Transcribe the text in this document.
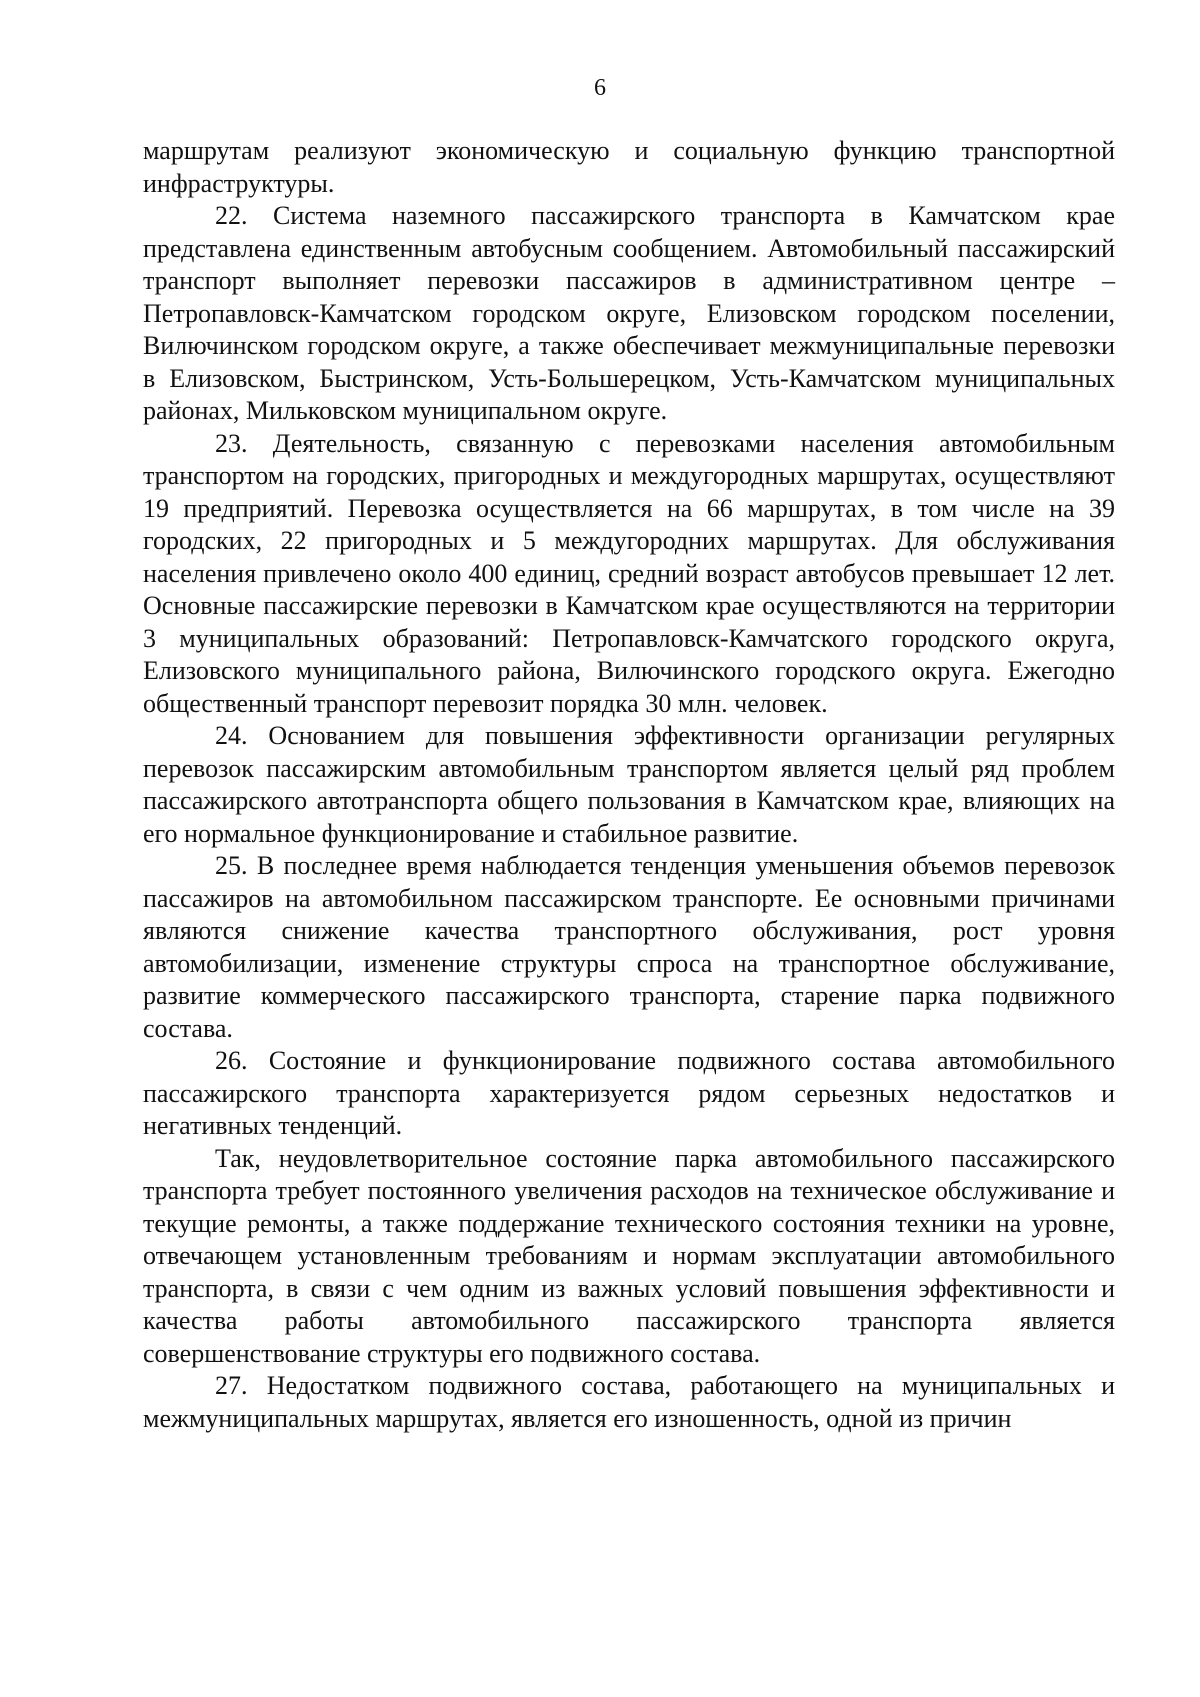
6

маршрутам реализуют экономическую и социальную функцию транспортной инфраструктуры.

22. Система наземного пассажирского транспорта в Камчатском крае представлена единственным автобусным сообщением. Автомобильный пассажирский транспорт выполняет перевозки пассажиров в административном центре – Петропавловск-Камчатском городском округе, Елизовском городском поселении, Вилючинском городском округе, а также обеспечивает межмуниципальные перевозки в Елизовском, Быстринском, Усть-Большерецком, Усть-Камчатском муниципальных районах, Мильковском муниципальном округе.

23. Деятельность, связанную с перевозками населения автомобильным транспортом на городских, пригородных и междугородных маршрутах, осуществляют 19 предприятий. Перевозка осуществляется на 66 маршрутах, в том числе на 39 городских, 22 пригородных и 5 междугородних маршрутах. Для обслуживания населения привлечено около 400 единиц, средний возраст автобусов превышает 12 лет. Основные пассажирские перевозки в Камчатском крае осуществляются на территории 3 муниципальных образований: Петропавловск-Камчатского городского округа, Елизовского муниципального района, Вилючинского городского округа. Ежегодно общественный транспорт перевозит порядка 30 млн. человек.

24. Основанием для повышения эффективности организации регулярных перевозок пассажирским автомобильным транспортом является целый ряд проблем пассажирского автотранспорта общего пользования в Камчатском крае, влияющих на его нормальное функционирование и стабильное развитие.

25. В последнее время наблюдается тенденция уменьшения объемов перевозок пассажиров на автомобильном пассажирском транспорте. Ее основными причинами являются снижение качества транспортного обслуживания, рост уровня автомобилизации, изменение структуры спроса на транспортное обслуживание, развитие коммерческого пассажирского транспорта, старение парка подвижного состава.

26. Состояние и функционирование подвижного состава автомобильного пассажирского транспорта характеризуется рядом серьезных недостатков и негативных тенденций.

Так, неудовлетворительное состояние парка автомобильного пассажирского транспорта требует постоянного увеличения расходов на техническое обслуживание и текущие ремонты, а также поддержание технического состояния техники на уровне, отвечающем установленным требованиям и нормам эксплуатации автомобильного транспорта, в связи с чем одним из важных условий повышения эффективности и качества работы автомобильного пассажирского транспорта является совершенствование структуры его подвижного состава.

27. Недостатком подвижного состава, работающего на муниципальных и межмуниципальных маршрутах, является его изношенность, одной из причин
